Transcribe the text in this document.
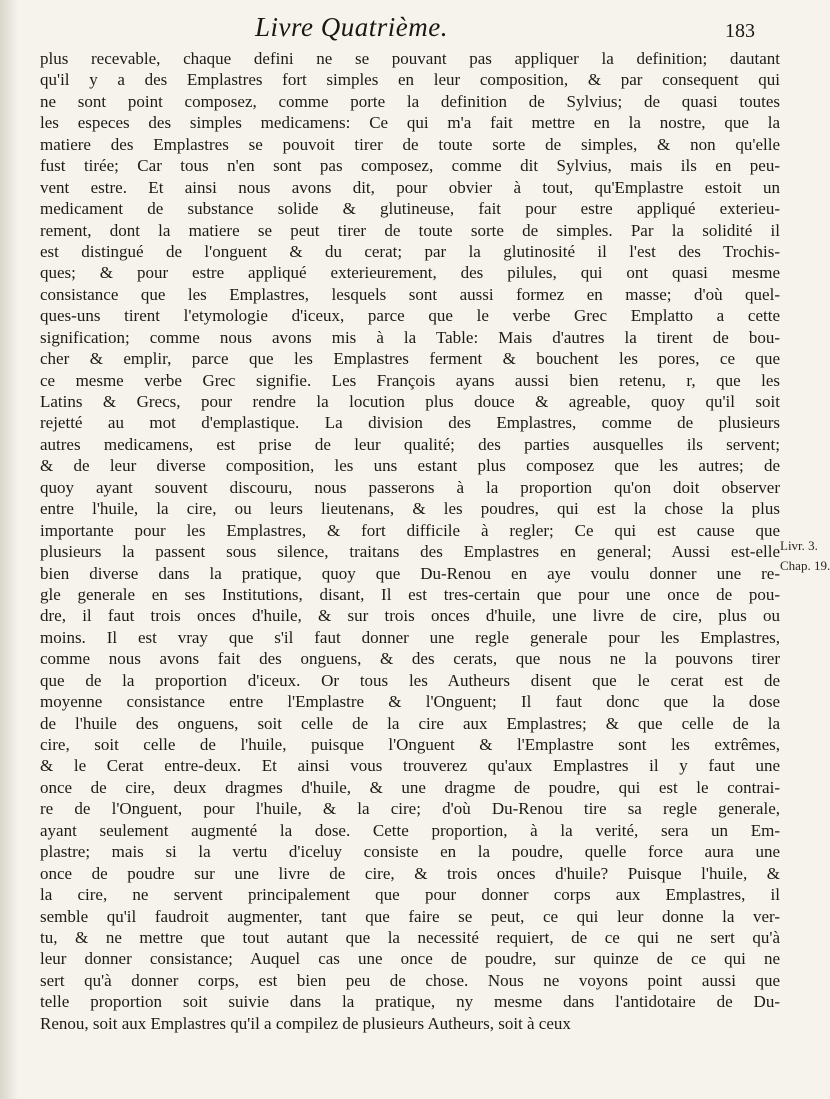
Livre Quatrième.	183
plus recevable, chaque defini ne se pouvant pas appliquer la definition; dautant
qu'il y a des Emplastres fort simples en leur composition, & par consequent qui
ne sont point composez, comme porte la definition de Sylvius; de quasi toutes
les especes des simples medicamens: Ce qui m'a fait mettre en la nostre, que la
matiere des Emplastres se pouvoit tirer de toute sorte de simples, & non qu'elle
fust tirée; Car tous n'en sont pas composez, comme dit Sylvius, mais ils en peu-
vent estre. Et ainsi nous avons dit, pour obvier à tout, qu'Emplastre estoit un
medicament de substance solide & glutineuse, fait pour estre appliqué exterieu-
rement, dont la matiere se peut tirer de toute sorte de simples. Par la solidité il
est distingué de l'onguent & du cerat; par la glutinosité il l'est des Trochis-
ques; & pour estre appliqué exterieurement, des pilules, qui ont quasi mesme
consistance que les Emplastres, lesquels sont aussi formez en masse; d'où quel-
ques-uns tirent l'etymologie d'iceux, parce que le verbe Grec Emplatto a cette
signification; comme nous avons mis à la Table: Mais d'autres la tirent de bou-
cher & emplir, parce que les Emplastres ferment & bouchent les pores, ce que
ce mesme verbe Grec signifie. Les François ayans aussi bien retenu, r, que les
Latins & Grecs, pour rendre la locution plus douce & agreable, quoy qu'il soit
rejetté au mot d'emplastique. La division des Emplastres, comme de plusieurs
autres medicamens, est prise de leur qualité; des parties ausquelles ils servent;
& de leur diverse composition, les uns estant plus composez que les autres; de
quoy ayant souvent discouru, nous passerons à la proportion qu'on doit observer
entre l'huile, la cire, ou leurs lieutenans, & les poudres, qui est la chose la plus
importante pour les Emplastres, & fort difficile à regler; Ce qui est cause que
plusieurs la passent sous silence, traitans des Emplastres en general; Aussi est-elle
bien diverse dans la pratique, quoy que Du-Renou en aye voulu donner une re-
gle generale en ses Institutions, disant, Il est tres-certain que pour une once de pou-
dre, il faut trois onces d'huile, & sur trois onces d'huile, une livre de cire, plus ou
moins. Il est vray que s'il faut donner une regle generale pour les Emplastres,
comme nous avons fait des onguens, & des cerats, que nous ne la pouvons tirer
que de la proportion d'iceux. Or tous les Autheurs disent que le cerat est de
moyenne consistance entre l'Emplastre & l'Onguent; Il faut donc que la dose
de l'huile des onguens, soit celle de la cire aux Emplastres; & que celle de la
cire, soit celle de l'huile, puisque l'Onguent & l'Emplastre sont les extrêmes,
& le Cerat entre-deux. Et ainsi vous trouverez qu'aux Emplastres il y faut une
once de cire, deux dragmes d'huile, & une dragme de poudre, qui est le contrai-
re de l'Onguent, pour l'huile, & la cire; d'où Du-Renou tire sa regle generale,
ayant seulement augmenté la dose. Cette proportion, à la verité, sera un Em-
plastre; mais si la vertu d'iceluy consiste en la poudre, quelle force aura une
once de poudre sur une livre de cire, & trois onces d'huile? Puisque l'huile, &
la cire, ne servent principalement que pour donner corps aux Emplastres, il
semble qu'il faudroit augmenter, tant que faire se peut, ce qui leur donne la ver-
tu, & ne mettre que tout autant que la necessité requiert, de ce qui ne sert qu'à
leur donner consistance; Auquel cas une once de poudre, sur quinze de ce qui ne
sert qu'à donner corps, est bien peu de chose. Nous ne voyons point aussi que
telle proportion soit suivie dans la pratique, ny mesme dans l'antidotaire de Du-
Renou, soit aux Emplastres qu'il a compilez de plusieurs Autheurs, soit à ceux
Livr. 3.
Chap. 19.
